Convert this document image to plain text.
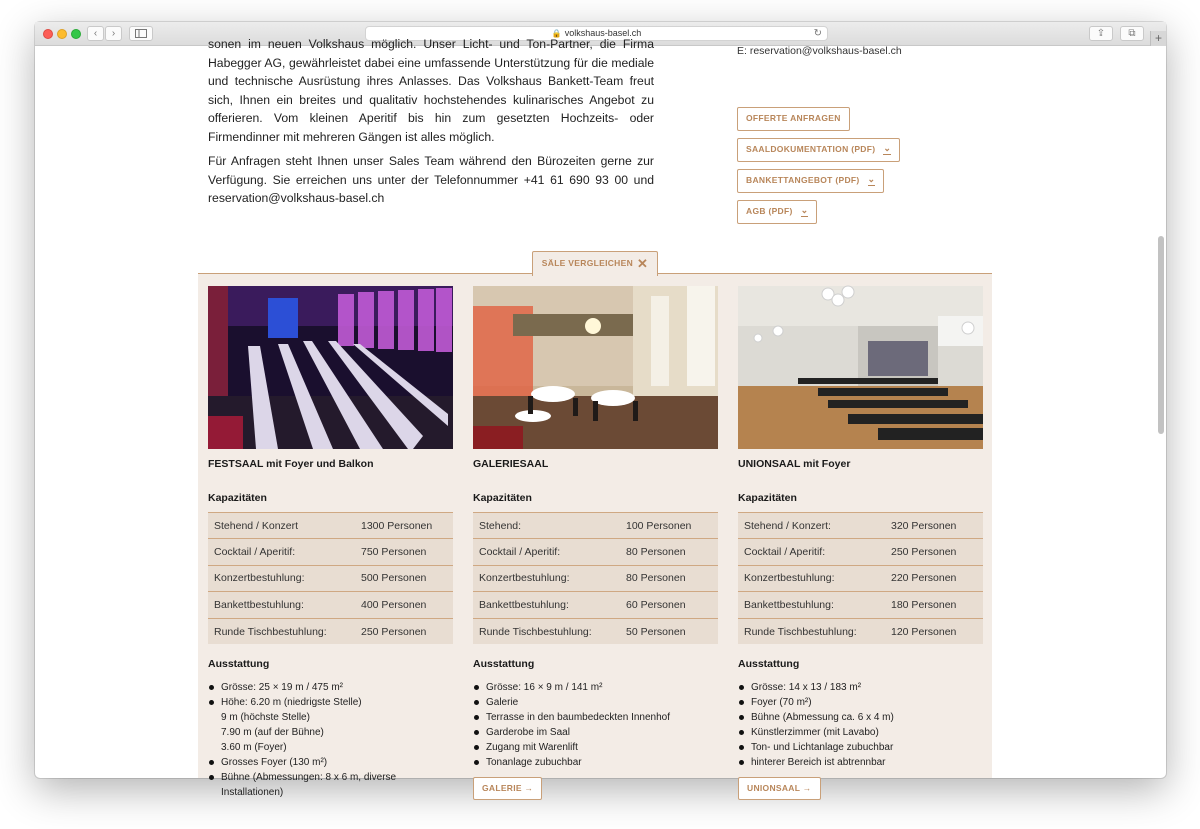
‹	›	🔒 volkshaus-basel.ch	↻	⇪	⧉	+

sonen im neuen Volkshaus möglich. Unser Licht- und Ton-Partner, die Firma Habegger AG, gewährleistet dabei eine umfassende Unterstützung für die mediale und technische Ausrüstung ihres Anlasses. Das Volkshaus Bankett-Team freut sich, Ihnen ein breites und qualitativ hochstehendes kulinarisches Angebot zu offerieren. Vom kleinen Aperitif bis hin zum gesetzten Hochzeits- oder Firmendinner mit mehreren Gängen ist alles möglich.

Für Anfragen steht Ihnen unser Sales Team während den Bürozeiten gerne zur Verfügung. Sie erreichen uns unter der Telefonnummer +41 61 690 93 00 und reservation@volkshaus-basel.ch

E: reservation@volkshaus-basel.ch
OFFERTE ANFRAGEN
SAALDOKUMENTATION (PDF) ⌄
BANKETTANGEBOT (PDF) ⌄
AGB (PDF) ⌄
FESTSAAL mit Foyer und Balkon
Kapazitäten
Stehend / Konzert	1300 Personen
Cocktail / Aperitif:	750 Personen
Konzertbestuhlung:	500 Personen
Bankettbestuhlung:	400 Personen
Runde Tischbestuhlung:	250 Personen
Ausstattung
Grösse: 25 × 19 m / 475 m²
Höhe: 6.20 m (niedrigste Stelle)
9 m (höchste Stelle)
7.90 m (auf der Bühne)
3.60 m (Foyer)
Grosses Foyer (130 m²)
Bühne (Abmessungen: 8 x 6 m, diverse
Installationen)
GALERIESAAL
Kapazitäten
Stehend:	100 Personen
Cocktail / Aperitif:	80 Personen
Konzertbestuhlung:	80 Personen
Bankettbestuhlung:	60 Personen
Runde Tischbestuhlung:	50 Personen
Ausstattung
Grösse: 16 × 9 m / 141 m²
Galerie
Terrasse in den baumbedeckten Innenhof
Garderobe im Saal
Zugang mit Warenlift
Tonanlage zubuchbar
GALERIE →
UNIONSAAL mit Foyer
Kapazitäten
Stehend / Konzert:	320 Personen
Cocktail / Aperitif:	250 Personen
Konzertbestuhlung:	220 Personen
Bankettbestuhlung:	180 Personen
Runde Tischbestuhlung:	120 Personen
Ausstattung
Grösse: 14 x 13 / 183 m²
Foyer (70 m²)
Bühne (Abmessung ca. 6 x 4 m)
Künstlerzimmer (mit Lavabo)
Ton- und Lichtanlage zubuchbar
hinterer Bereich ist abtrennbar
UNIONSAAL →
SÄLE VERGLEICHEN ✕
